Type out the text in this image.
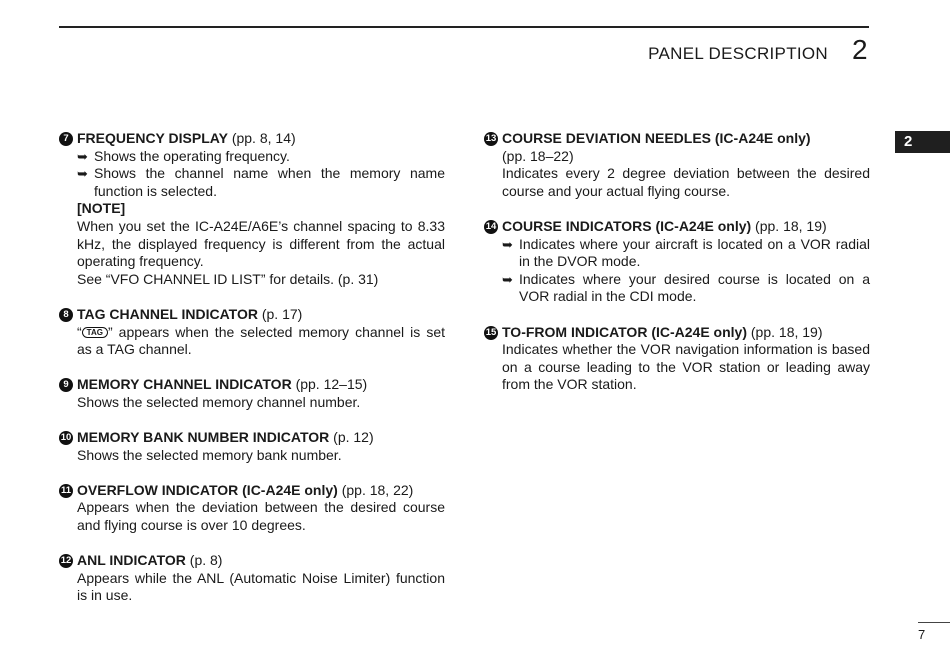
PANEL DESCRIPTION 2
2
7 FREQUENCY DISPLAY (pp. 8, 14)
➥ Shows the operating frequency.
➥ Shows the channel name when the memory name function is selected.
[NOTE]
When you set the IC-A24E/A6E’s channel spacing to 8.33 kHz, the displayed frequency is different from the actual operating frequency.
See “VFO CHANNEL ID LIST” for details. (p. 31)
8 TAG CHANNEL INDICATOR (p. 17)
“ TAG ” appears when the selected memory channel is set as a TAG channel.
9 MEMORY CHANNEL INDICATOR (pp. 12–15)
Shows the selected memory channel number.
10 MEMORY BANK NUMBER INDICATOR (p. 12)
Shows the selected memory bank number.
11 OVERFLOW INDICATOR (IC-A24E only) (pp. 18, 22)
Appears when the deviation between the desired course and flying course is over 10 degrees.
12 ANL INDICATOR (p. 8)
Appears while the ANL (Automatic Noise Limiter) function is in use.
13 COURSE DEVIATION NEEDLES (IC-A24E only)
(pp. 18–22)
Indicates every 2 degree deviation between the desired course and your actual flying course.
14 COURSE INDICATORS (IC-A24E only) (pp. 18, 19)
➥ Indicates where your aircraft is located on a VOR radial in the DVOR mode.
➥ Indicates where your desired course is located on a VOR radial in the CDI mode.
15 TO-FROM INDICATOR (IC-A24E only) (pp. 18, 19)
Indicates whether the VOR navigation information is based on a course leading to the VOR station or leading away from the VOR station.
7
